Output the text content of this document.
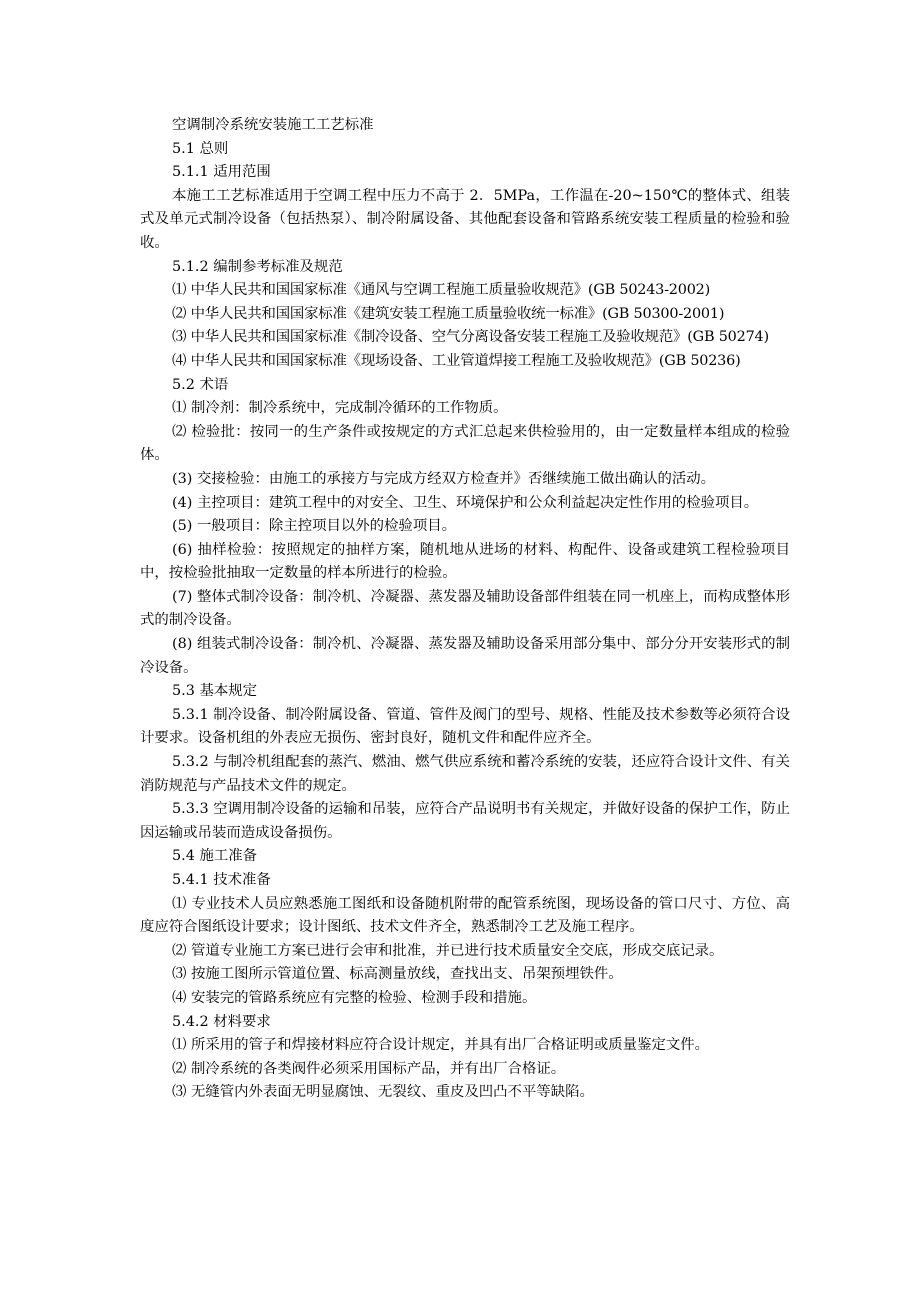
空调制冷系统安装施工工艺标准

5.1 总则

5.1.1 适用范围

本施工工艺标准适用于空调工程中压力不高于 2．5MPa，工作温在-20~150℃的整体式、组装式及单元式制冷设备（包括热泵）、制冷附属设备、其他配套设备和管路系统安装工程质量的检验和验收。

5.1.2 编制参考标准及规范

⑴ 中华人民共和国国家标准《通风与空调工程施工质量验收规范》(GB 50243-2002)

⑵ 中华人民共和国国家标准《建筑安装工程施工质量验收统一标准》(GB 50300-2001)

⑶ 中华人民共和国国家标准《制冷设备、空气分离设备安装工程施工及验收规范》(GB 50274)

⑷ 中华人民共和国国家标准《现场设备、工业管道焊接工程施工及验收规范》(GB 50236)

5.2 术语

⑴ 制冷剂：制冷系统中，完成制冷循环的工作物质。

⑵ 检验批：按同一的生产条件或按规定的方式汇总起来供检验用的，由一定数量样本组成的检验体。

(3) 交接检验：由施工的承接方与完成方经双方检查并》否继续施工做出确认的活动。

(4) 主控项目：建筑工程中的对安全、卫生、环境保护和公众利益起决定性作用的检验项目。

(5) 一般项目：除主控项目以外的检验项目。

(6) 抽样检验：按照规定的抽样方案，随机地从进场的材料、构配件、设备或建筑工程检验项目中，按检验批抽取一定数量的样本所进行的检验。

(7) 整体式制冷设备：制冷机、冷凝器、蒸发器及辅助设备部件组装在同一机座上，而构成整体形式的制冷设备。

(8) 组装式制冷设备：制冷机、冷凝器、蒸发器及辅助设备采用部分集中、部分分开安装形式的制冷设备。

5.3 基本规定

5.3.1 制冷设备、制冷附属设备、管道、管件及阀门的型号、规格、性能及技术参数等必须符合设计要求。设备机组的外表应无损伤、密封良好，随机文件和配件应齐全。

5.3.2 与制冷机组配套的蒸汽、燃油、燃气供应系统和蓄冷系统的安装，还应符合设计文件、有关消防规范与产品技术文件的规定。

5.3.3 空调用制冷设备的运输和吊装，应符合产品说明书有关规定，并做好设备的保护工作，防止因运输或吊装而造成设备损伤。

5.4 施工准备

5.4.1 技术准备

⑴ 专业技术人员应熟悉施工图纸和设备随机附带的配管系统图，现场设备的管口尺寸、方位、高度应符合图纸设计要求；设计图纸、技术文件齐全，熟悉制冷工艺及施工程序。

⑵ 管道专业施工方案已进行会审和批准，并已进行技术质量安全交底，形成交底记录。

⑶ 按施工图所示管道位置、标高测量放线，查找出支、吊架预埋铁件。

⑷ 安装完的管路系统应有完整的检验、检测手段和措施。

5.4.2 材料要求

⑴ 所采用的管子和焊接材料应符合设计规定，并具有出厂合格证明或质量鉴定文件。

⑵ 制冷系统的各类阀件必须采用国标产品，并有出厂合格证。

⑶ 无缝管内外表面无明显腐蚀、无裂纹、重皮及凹凸不平等缺陷。
